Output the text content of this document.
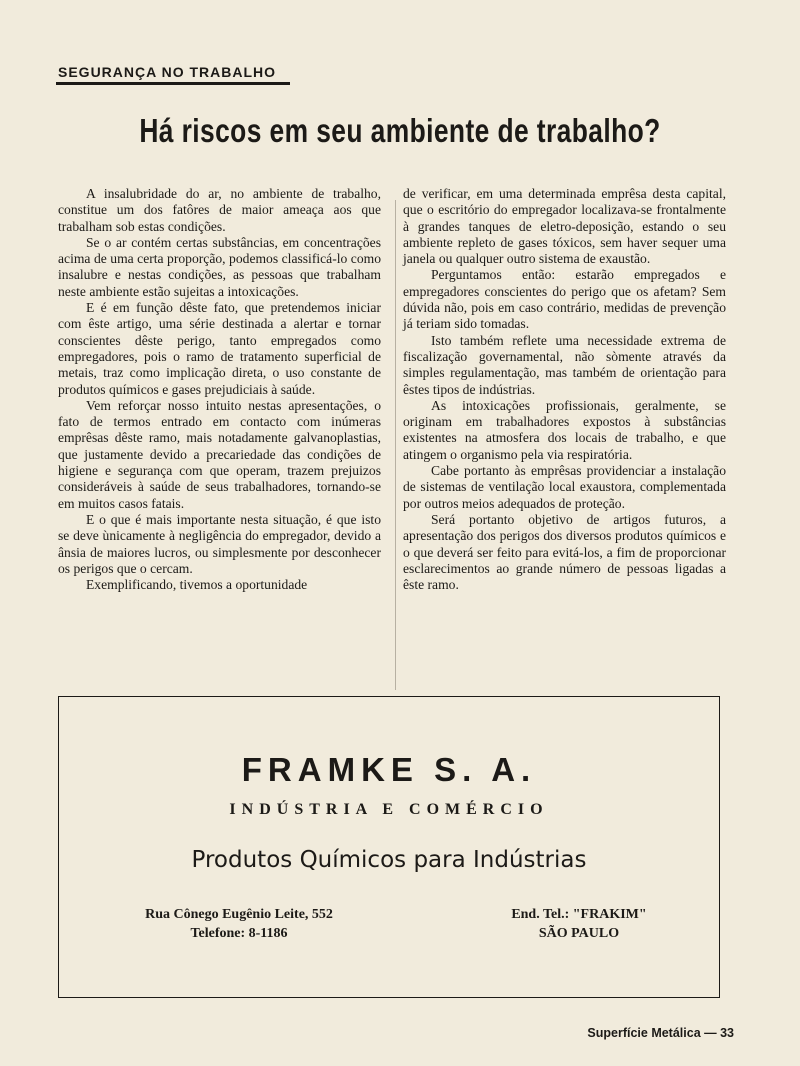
SEGURANÇA NO TRABALHO
Há riscos em seu ambiente de trabalho?

A insalubridade do ar, no ambiente de trabalho, constitue um dos fatôres de maior ameaça aos que trabalham sob estas condições.

Se o ar contém certas substâncias, em concentrações acima de uma certa proporção, podemos classificá-lo como insalubre e nestas condições, as pessoas que trabalham neste ambiente estão sujeitas a intoxicações.

E é em função dêste fato, que pretendemos iniciar com êste artigo, uma série destinada a alertar e tornar conscientes dêste perigo, tanto empregados como empregadores, pois o ramo de tratamento superficial de metais, traz como implicação direta, o uso constante de produtos químicos e gases prejudiciais à saúde.

Vem reforçar nosso intuito nestas apresentações, o fato de termos entrado em contacto com inúmeras emprêsas dêste ramo, mais notadamente galvanoplastias, que justamente devido a precariedade das condições de higiene e segurança com que operam, trazem prejuizos consideráveis à saúde de seus trabalhadores, tornando-se em muitos casos fatais.

E o que é mais importante nesta situação, é que isto se deve ùnicamente à negligência do empregador, devido a ânsia de maiores lucros, ou simplesmente por desconhecer os perigos que o cercam.

Exemplificando, tivemos a oportunidade

de verificar, em uma determinada emprêsa desta capital, que o escritório do empregador localizava-se frontalmente à grandes tanques de eletro-deposição, estando o seu ambiente repleto de gases tóxicos, sem haver sequer uma janela ou qualquer outro sistema de exaustão.

Perguntamos então: estarão empregados e empregadores conscientes do perigo que os afetam? Sem dúvida não, pois em caso contrário, medidas de prevenção já teriam sido tomadas.

Isto também reflete uma necessidade extrema de fiscalização governamental, não sòmente através da simples regulamentação, mas também de orientação para êstes tipos de indústrias.

As intoxicações profissionais, geralmente, se originam em trabalhadores expostos à substâncias existentes na atmosfera dos locais de trabalho, e que atingem o organismo pela via respiratória.

Cabe portanto às emprêsas providenciar a instalação de sistemas de ventilação local exaustora, complementada por outros meios adequados de proteção.

Será portanto objetivo de artigos futuros, a apresentação dos perigos dos diversos produtos químicos e o que deverá ser feito para evitá-los, a fim de proporcionar esclarecimentos ao grande número de pessoas ligadas a êste ramo.

FRAMKE S. A.
INDÚSTRIA E COMÉRCIO
Produtos Químicos para Indústrias
Rua Cônego Eugênio Leite, 552
Telefone: 8-1186
End. Tel.: "FRAKIM"
SÃO PAULO
Superfície Metálica — 33
